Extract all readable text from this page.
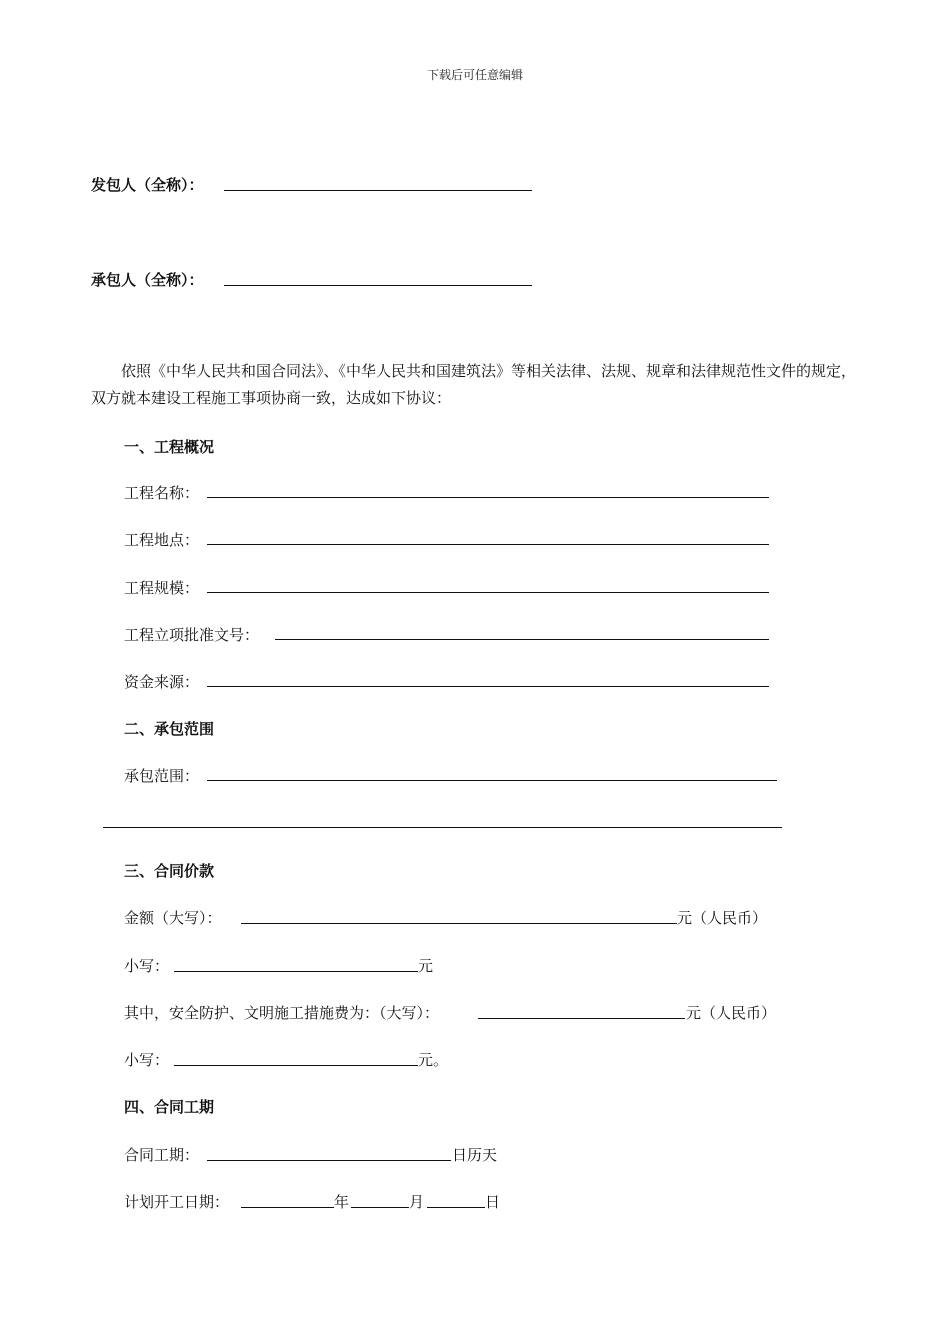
下载后可任意编辑
发包人（全称）：
承包人（全称）：
依照《中华人民共和国合同法》、《中华人民共和国建筑法》等相关法律、法规、规章和法律规范性文件的规定，双方就本建设工程施工事项协商一致，达成如下协议：
一、工程概况
工程名称：
工程地点：
工程规模：
工程立项批准文号：
资金来源：
二、承包范围
承包范围：
三、合同价款
金额（大写）：	元（人民币）
小写：	元
其中，安全防护、文明施工措施费为：（大写）：	元（人民币）
小写：	元。
四、合同工期
合同工期：	日历天
计划开工日期：	年	月	日
